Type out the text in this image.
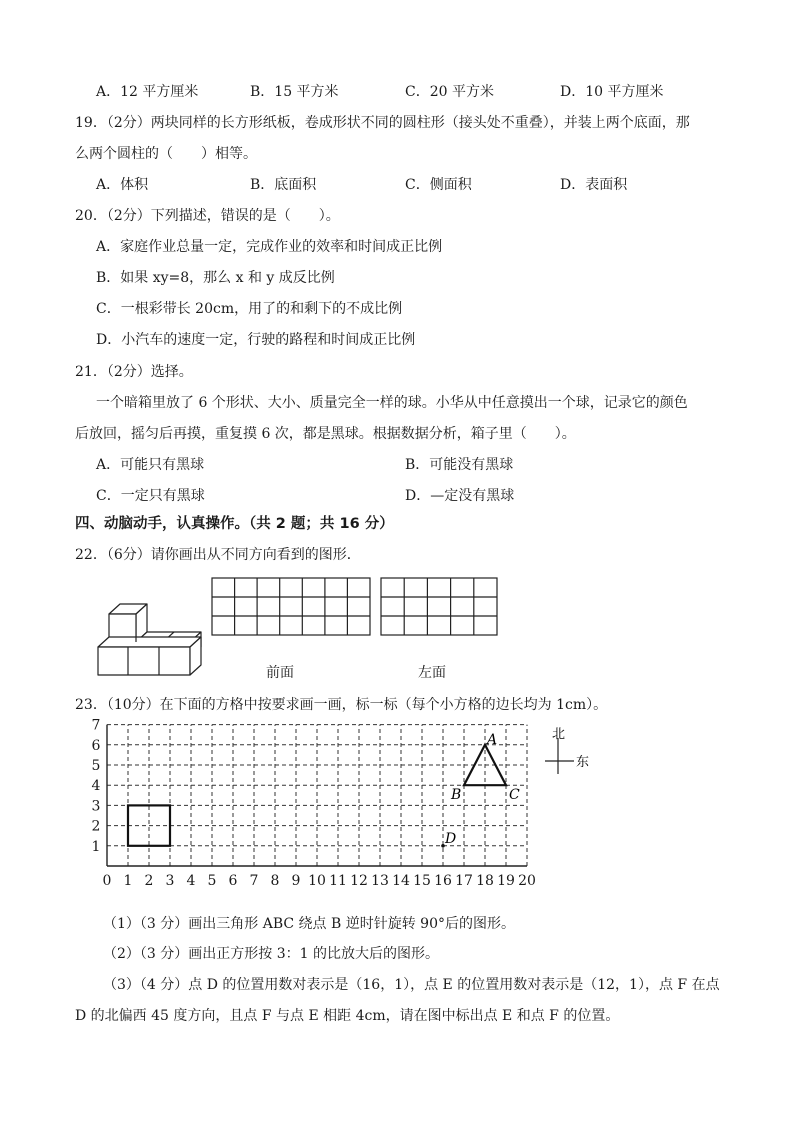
A．12 平方厘米	B．15 平方米	C．20 平方米	D．10 平方厘米
19．（2分）两块同样的长方形纸板，卷成形状不同的圆柱形（接头处不重叠），并装上两个底面，那
么两个圆柱的（　　）相等。
A．体积	B．底面积	C．侧面积	D．表面积
20．（2分）下列描述，错误的是（　　）。
A．家庭作业总量一定，完成作业的效率和时间成正比例
B．如果 xy=8，那么 x 和 y 成反比例
C．一根彩带长 20cm，用了的和剩下的不成比例
D．小汽车的速度一定，行驶的路程和时间成正比例
21．（2分）选择。
一个暗箱里放了 6 个形状、大小、质量完全一样的球。小华从中任意摸出一个球，记录它的颜色
后放回，摇匀后再摸，重复摸 6 次，都是黑球。根据数据分析，箱子里（　　）。
A．可能只有黑球	B．可能没有黑球
C．一定只有黑球	D．—定没有黑球
四、动脑动手，认真操作。（共 2 题；共 16 分）
22．（6分）请你画出从不同方向看到的图形．
前面	左面
23．（10分）在下面的方格中按要求画一画，标一标（每个小方格的边长均为 1cm）。
0 1 2 3 4 5 6 7 8 9 10 11 12 13 14 15 16 17 18 19 20
1
2
3
4
5
6
7
A
B	C
D
北
东
（1）（3 分）画出三角形 ABC 绕点 B 逆时针旋转 90°后的图形。
（2）（3 分）画出正方形按 3：1 的比放大后的图形。
（3）（4 分）点 D 的位置用数对表示是（16，1），点 E 的位置用数对表示是（12，1），点 F 在点
D 的北偏西 45 度方向，且点 F 与点 E 相距 4cm，请在图中标出点 E 和点 F 的位置。
